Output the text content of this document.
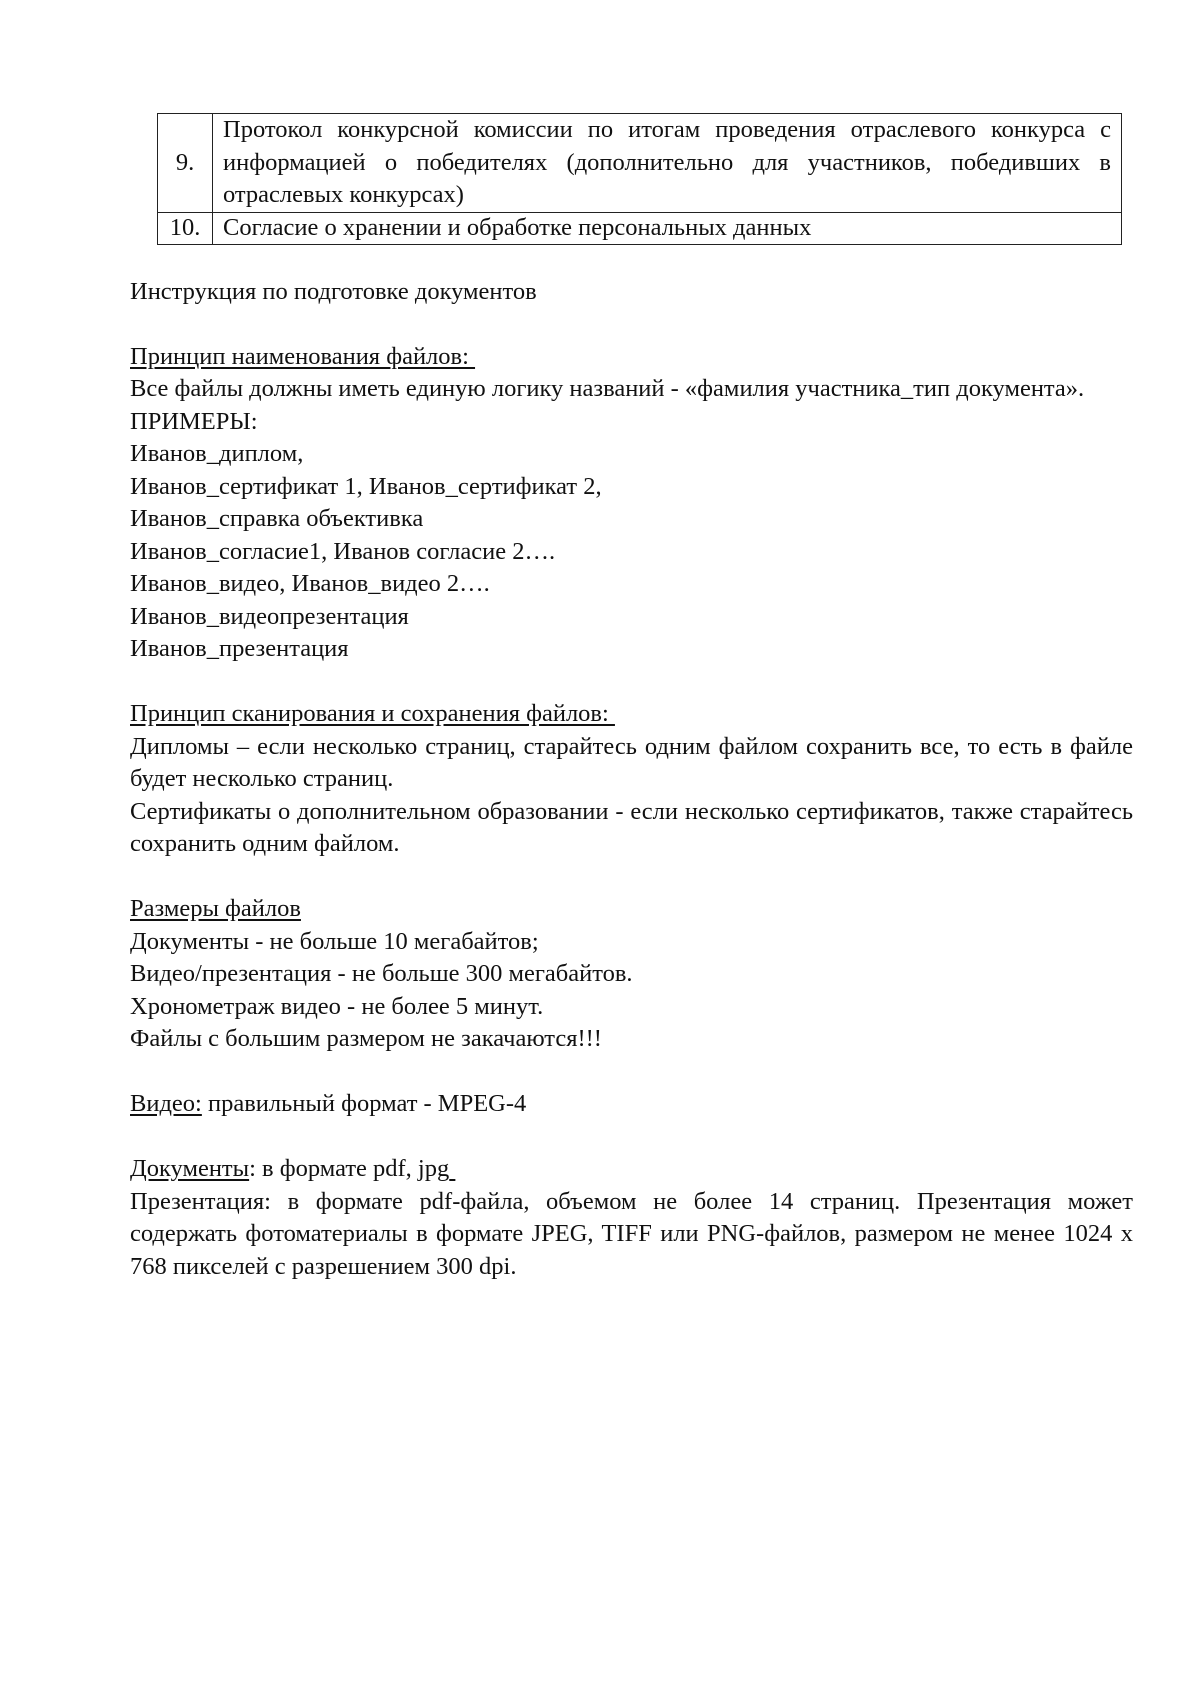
9.	Протокол конкурсной комиссии по итогам проведения отраслевого конкурса с информацией о победителях (дополнительно для участников, победивших в отраслевых конкурсах)
10.	Согласие о хранении и обработке персональных данных

Инструкция по подготовке документов

Принцип наименования файлов:

Все файлы должны иметь единую логику названий - «фамилия участника_тип документа».

ПРИМЕРЫ:

Иванов_диплом,

Иванов_сертификат 1, Иванов_сертификат 2,

Иванов_справка объективка

Иванов_согласие1, Иванов согласие 2….

Иванов_видео, Иванов_видео 2….

Иванов_видеопрезентация

Иванов_презентация

Принцип сканирования и сохранения файлов:

Дипломы – если несколько страниц, старайтесь одним файлом сохранить все, то есть в файле будет несколько страниц.

Сертификаты о дополнительном образовании - если несколько сертификатов, также старайтесь сохранить одним файлом.

Размеры файлов

Документы - не больше 10 мегабайтов;

Видео/презентация - не больше 300 мегабайтов.

Хронометраж видео - не более 5 минут.

Файлы с большим размером не закачаются!!!

Видео: правильный формат - MPEG-4

Документы: в формате pdf, jpg

Презентация: в формате pdf-файла, объемом не более 14 страниц. Презентация может содержать фотоматериалы в формате JPEG, TIFF или PNG-файлов, размером не менее 1024 х 768 пикселей с разрешением 300 dpi.
